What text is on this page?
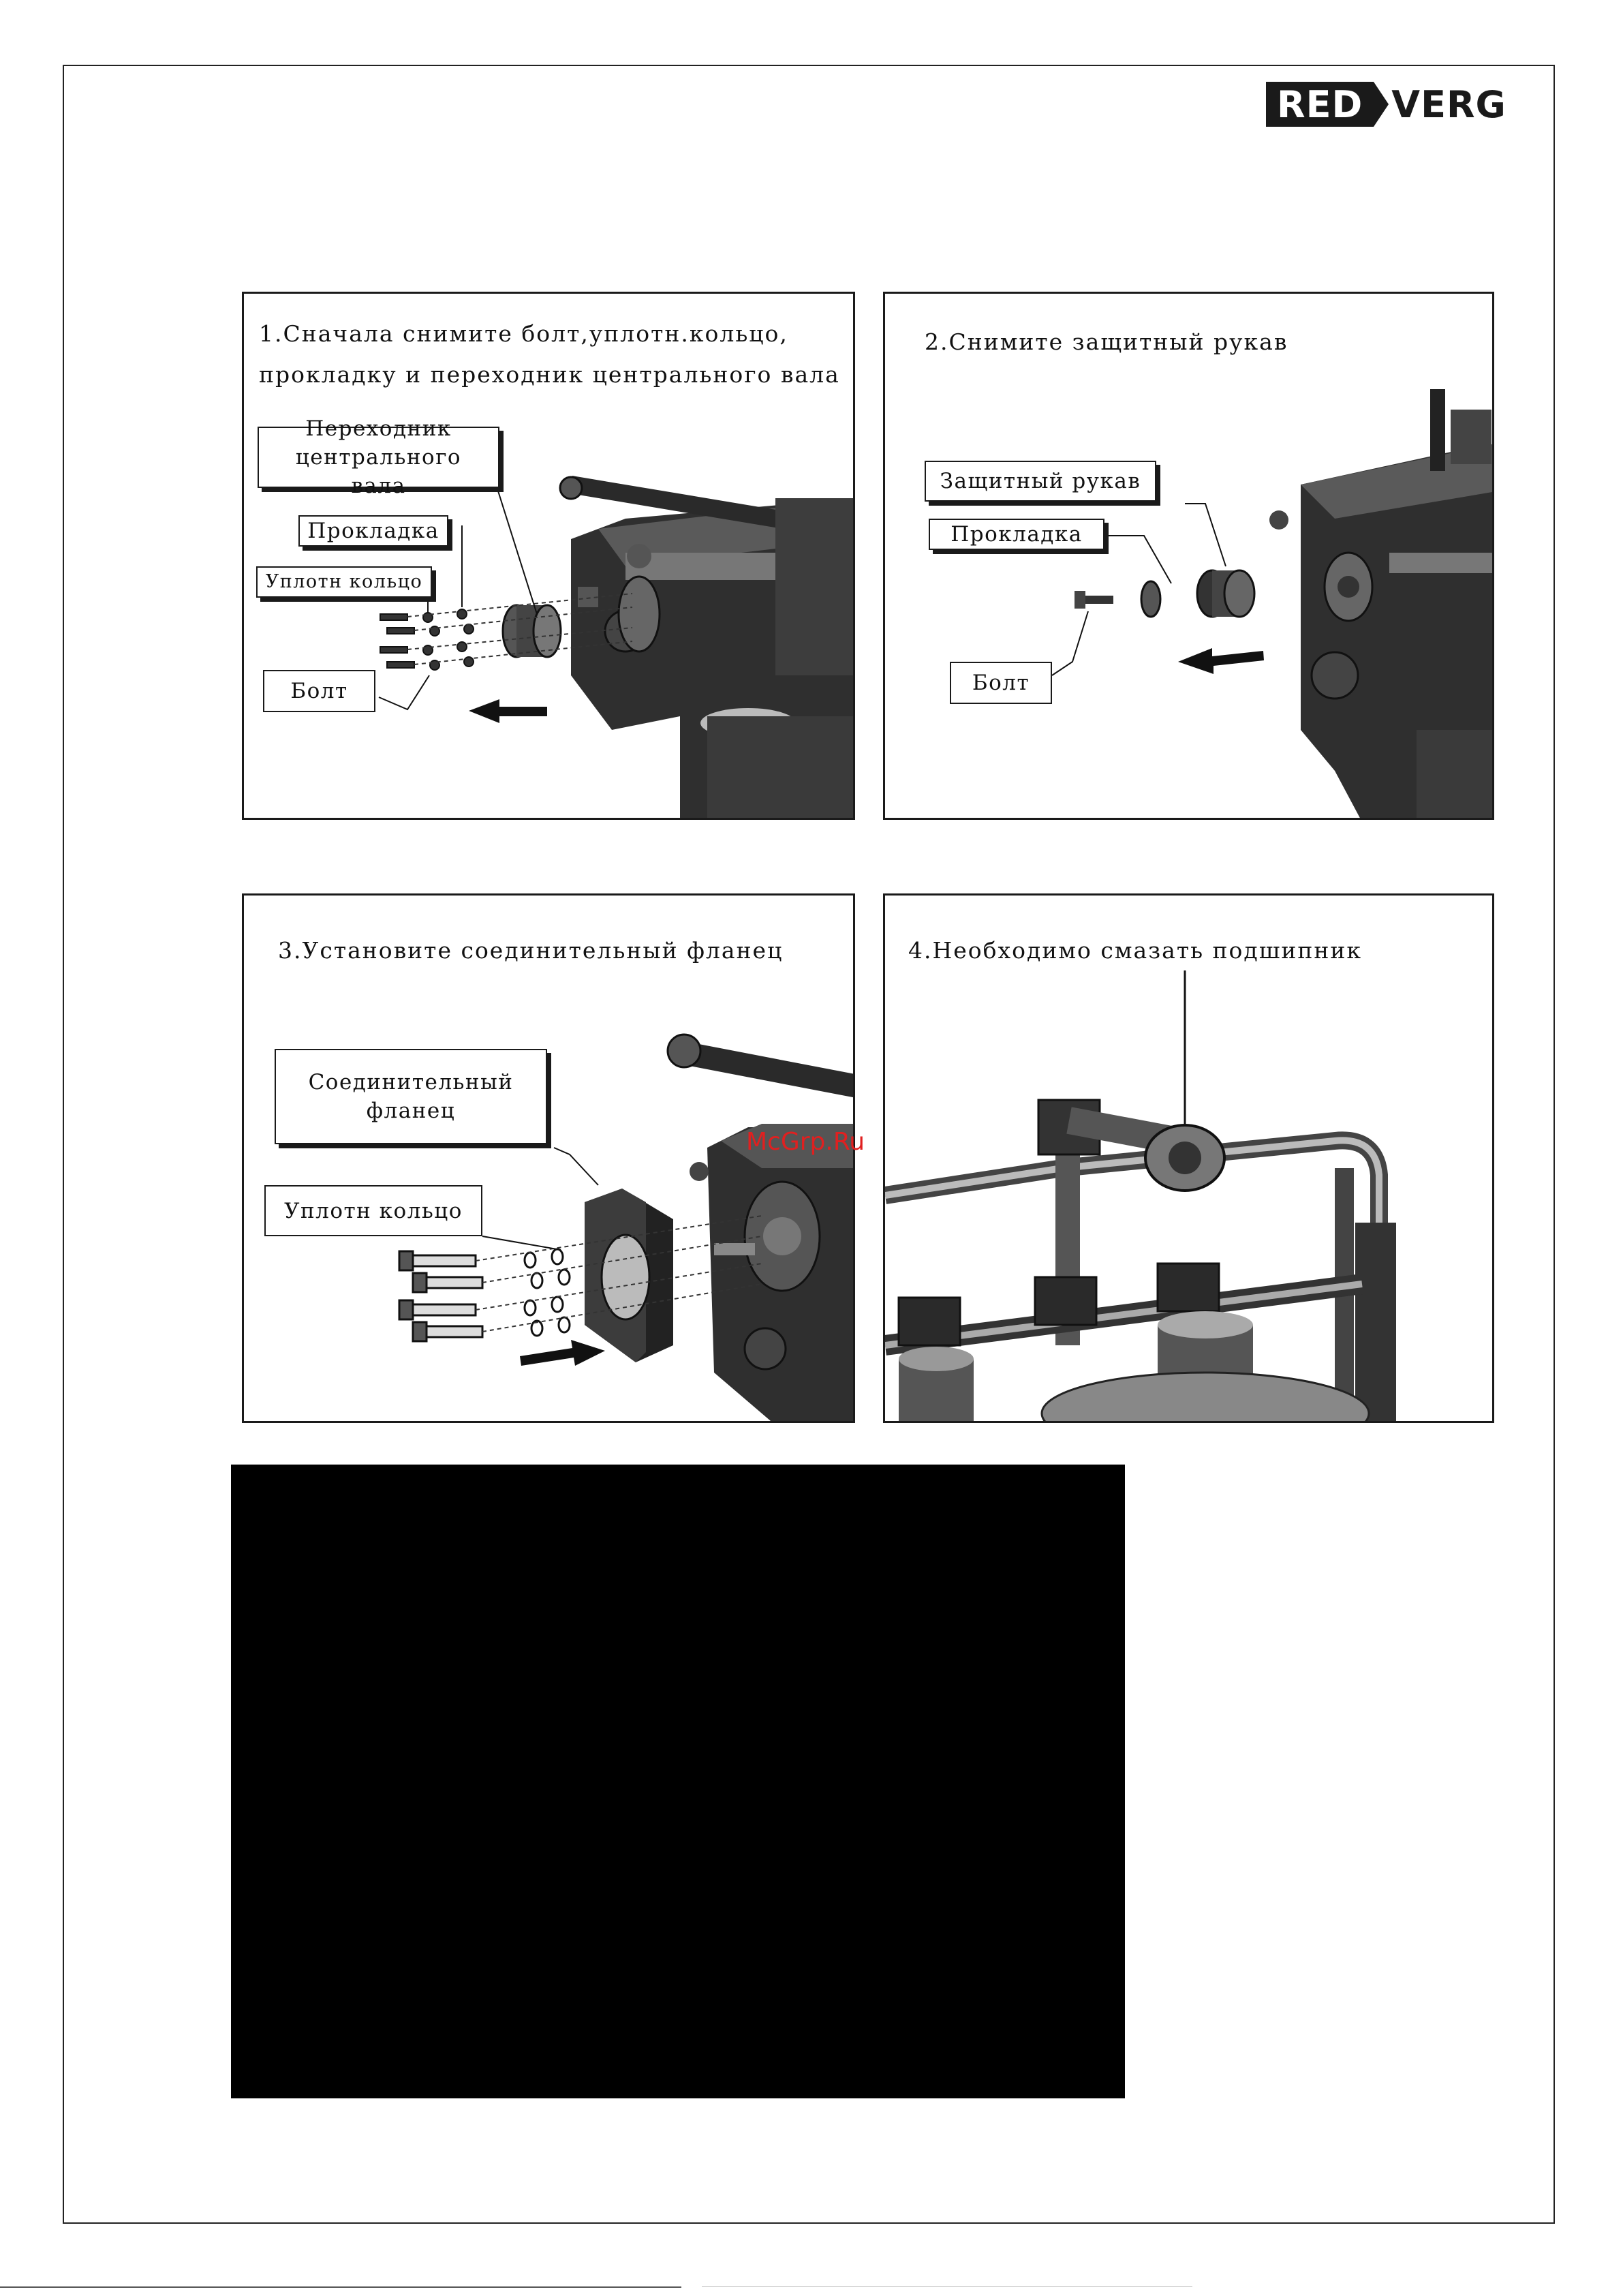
RED VERG
1.Сначала снимите болт,уплотн.кольцо,
прокладку и переходник центрального вала
Переходник центрального вала
Прокладка
Уплотн кольцо
Болт
2.Снимите защитный рукав
Защитный рукав
Прокладка
Болт
3.Установите соединительный фланец
Соединительный фланец
Уплотн кольцо
4.Необходимо смазать подшипник
McGrp.Ru
